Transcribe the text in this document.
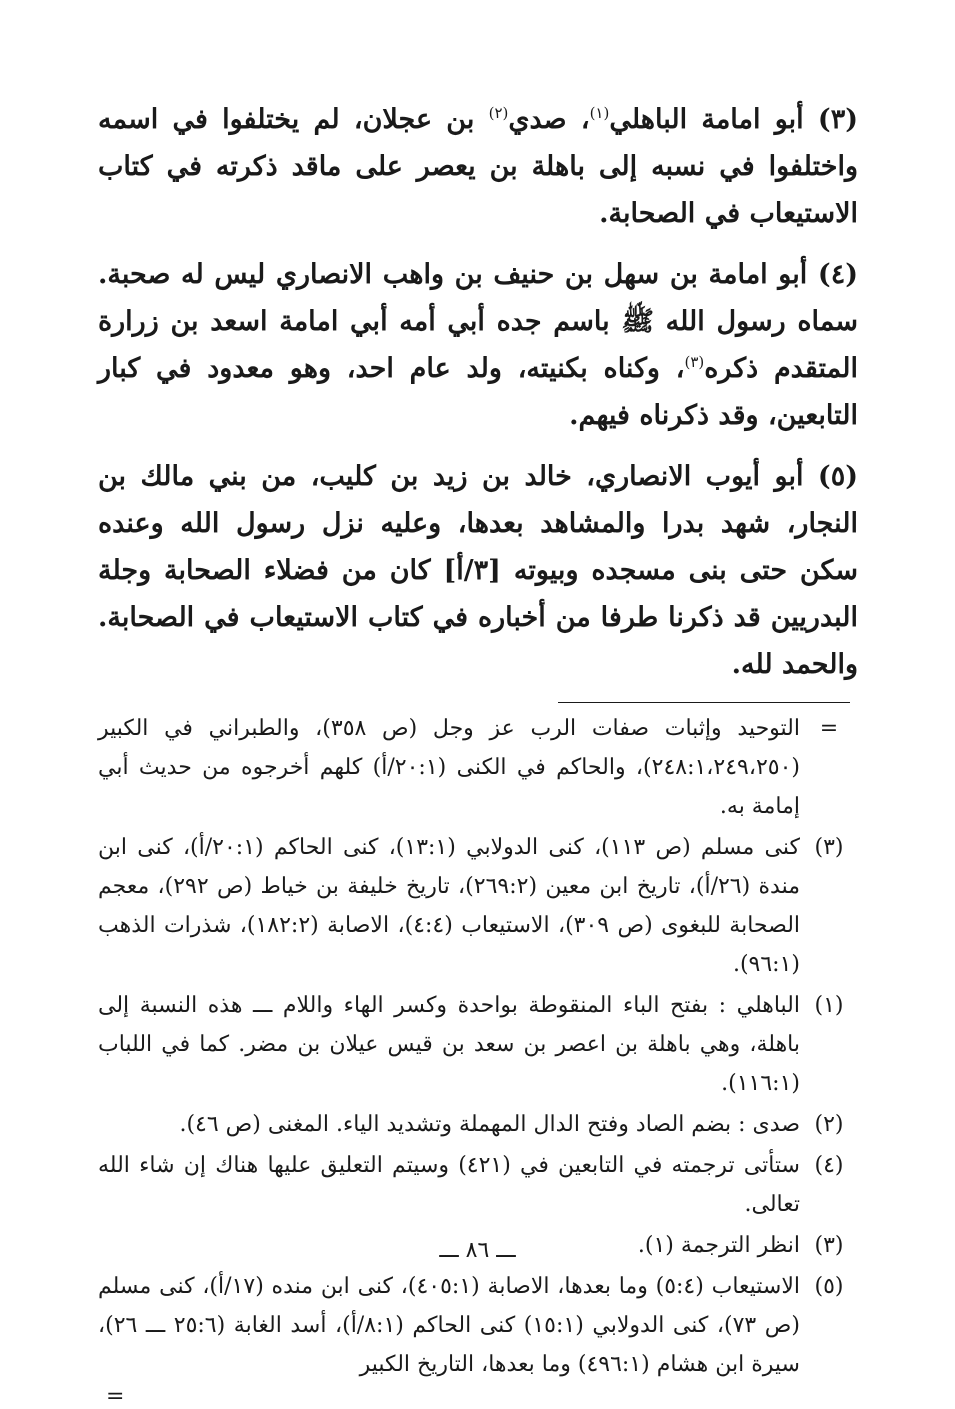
(٣) أبو امامة الباهلي$^{(١)}$، صدي$^{(٢)}$ بن عجلان، لم يختلفوا في اسمه واختلفوا في نسبه إلى باهلة بن يعصر على ماقد ذكرته في كتاب الاستيعاب في الصحابة.

(٤) أبو امامة بن سهل بن حنيف بن واهب الانصاري ليس له صحبة. سماه رسول الله ﷺ باسم جده أبي أمه أبي امامة اسعد بن زرارة المتقدم ذكره$^{(٣)}$، وكناه بكنيته، ولد عام احد، وهو معدود في كبار التابعين، وقد ذكرناه فيهم.

(٥) أبو أيوب الانصاري، خالد بن زيد بن كليب، من بني مالك بن النجار، شهد بدرا والمشاهد بعدها، وعليه نزل رسول الله وعنده سكن حتى بنى مسجده وبيوته [٣/أ] كان من فضلاء الصحابة وجلة البدريين قد ذكرنا طرفا من أخباره في كتاب الاستيعاب في الصحابة. والحمد لله.

=
التوحيد وإثبات صفات الرب عز وجل (ص ٣٥٨)، والطبراني في الكبير (٢٤٨:١،٢٤٩،٢٥٠)، والحاكم في الكنى (٢٠:١/أ) كلهم أخرجوه من حديث أبي إمامة به.
(٣)
كنى مسلم (ص ١١٣)، كنى الدولابي (١٣:١)، كنى الحاكم (٢٠:١/أ)، كنى ابن مندة (٢٦/أ)، تاريخ ابن معين (٢٦٩:٢)، تاريخ خليفة بن خياط (ص ٢٩٢)، معجم الصحابة للبغوى (ص ٣٠٩)، الاستيعاب (٤:٤)، الاصابة (١٨٢:٢)، شذرات الذهب (٩٦:١).
(١)
الباهلي : بفتح الباء المنقوطة بواحدة وكسر الهاء واللام ـــ هذه النسبة إلى باهلة، وهي باهلة بن اعصر بن سعد بن قيس عيلان بن مضر. كما في اللباب (١١٦:١).
(٢)
صدى : بضم الصاد وفتح الدال المهملة وتشديد الياء. المغنى (ص ٤٦).
(٤)
ستأتى ترجمته في التابعين في (٤٢١) وسيتم التعليق عليها هناك إن شاء الله تعالى.
(٣)
انظر الترجمة (١).
(٥)
الاستيعاب (٥:٤) وما بعدها، الاصابة (٤٠٥:١)، كنى ابن منده (١٧/أ)، كنى مسلم (ص ٧٣)، كنى الدولابي (١٥:١) كنى الحاكم (٨:١/أ)، أسد الغابة (٢٥:٦ ـــ ٢٦)، سيرة ابن هشام (٤٩٦:١) وما بعدها، التاريخ الكبير
=
ـــ ٨٦ ـــ
